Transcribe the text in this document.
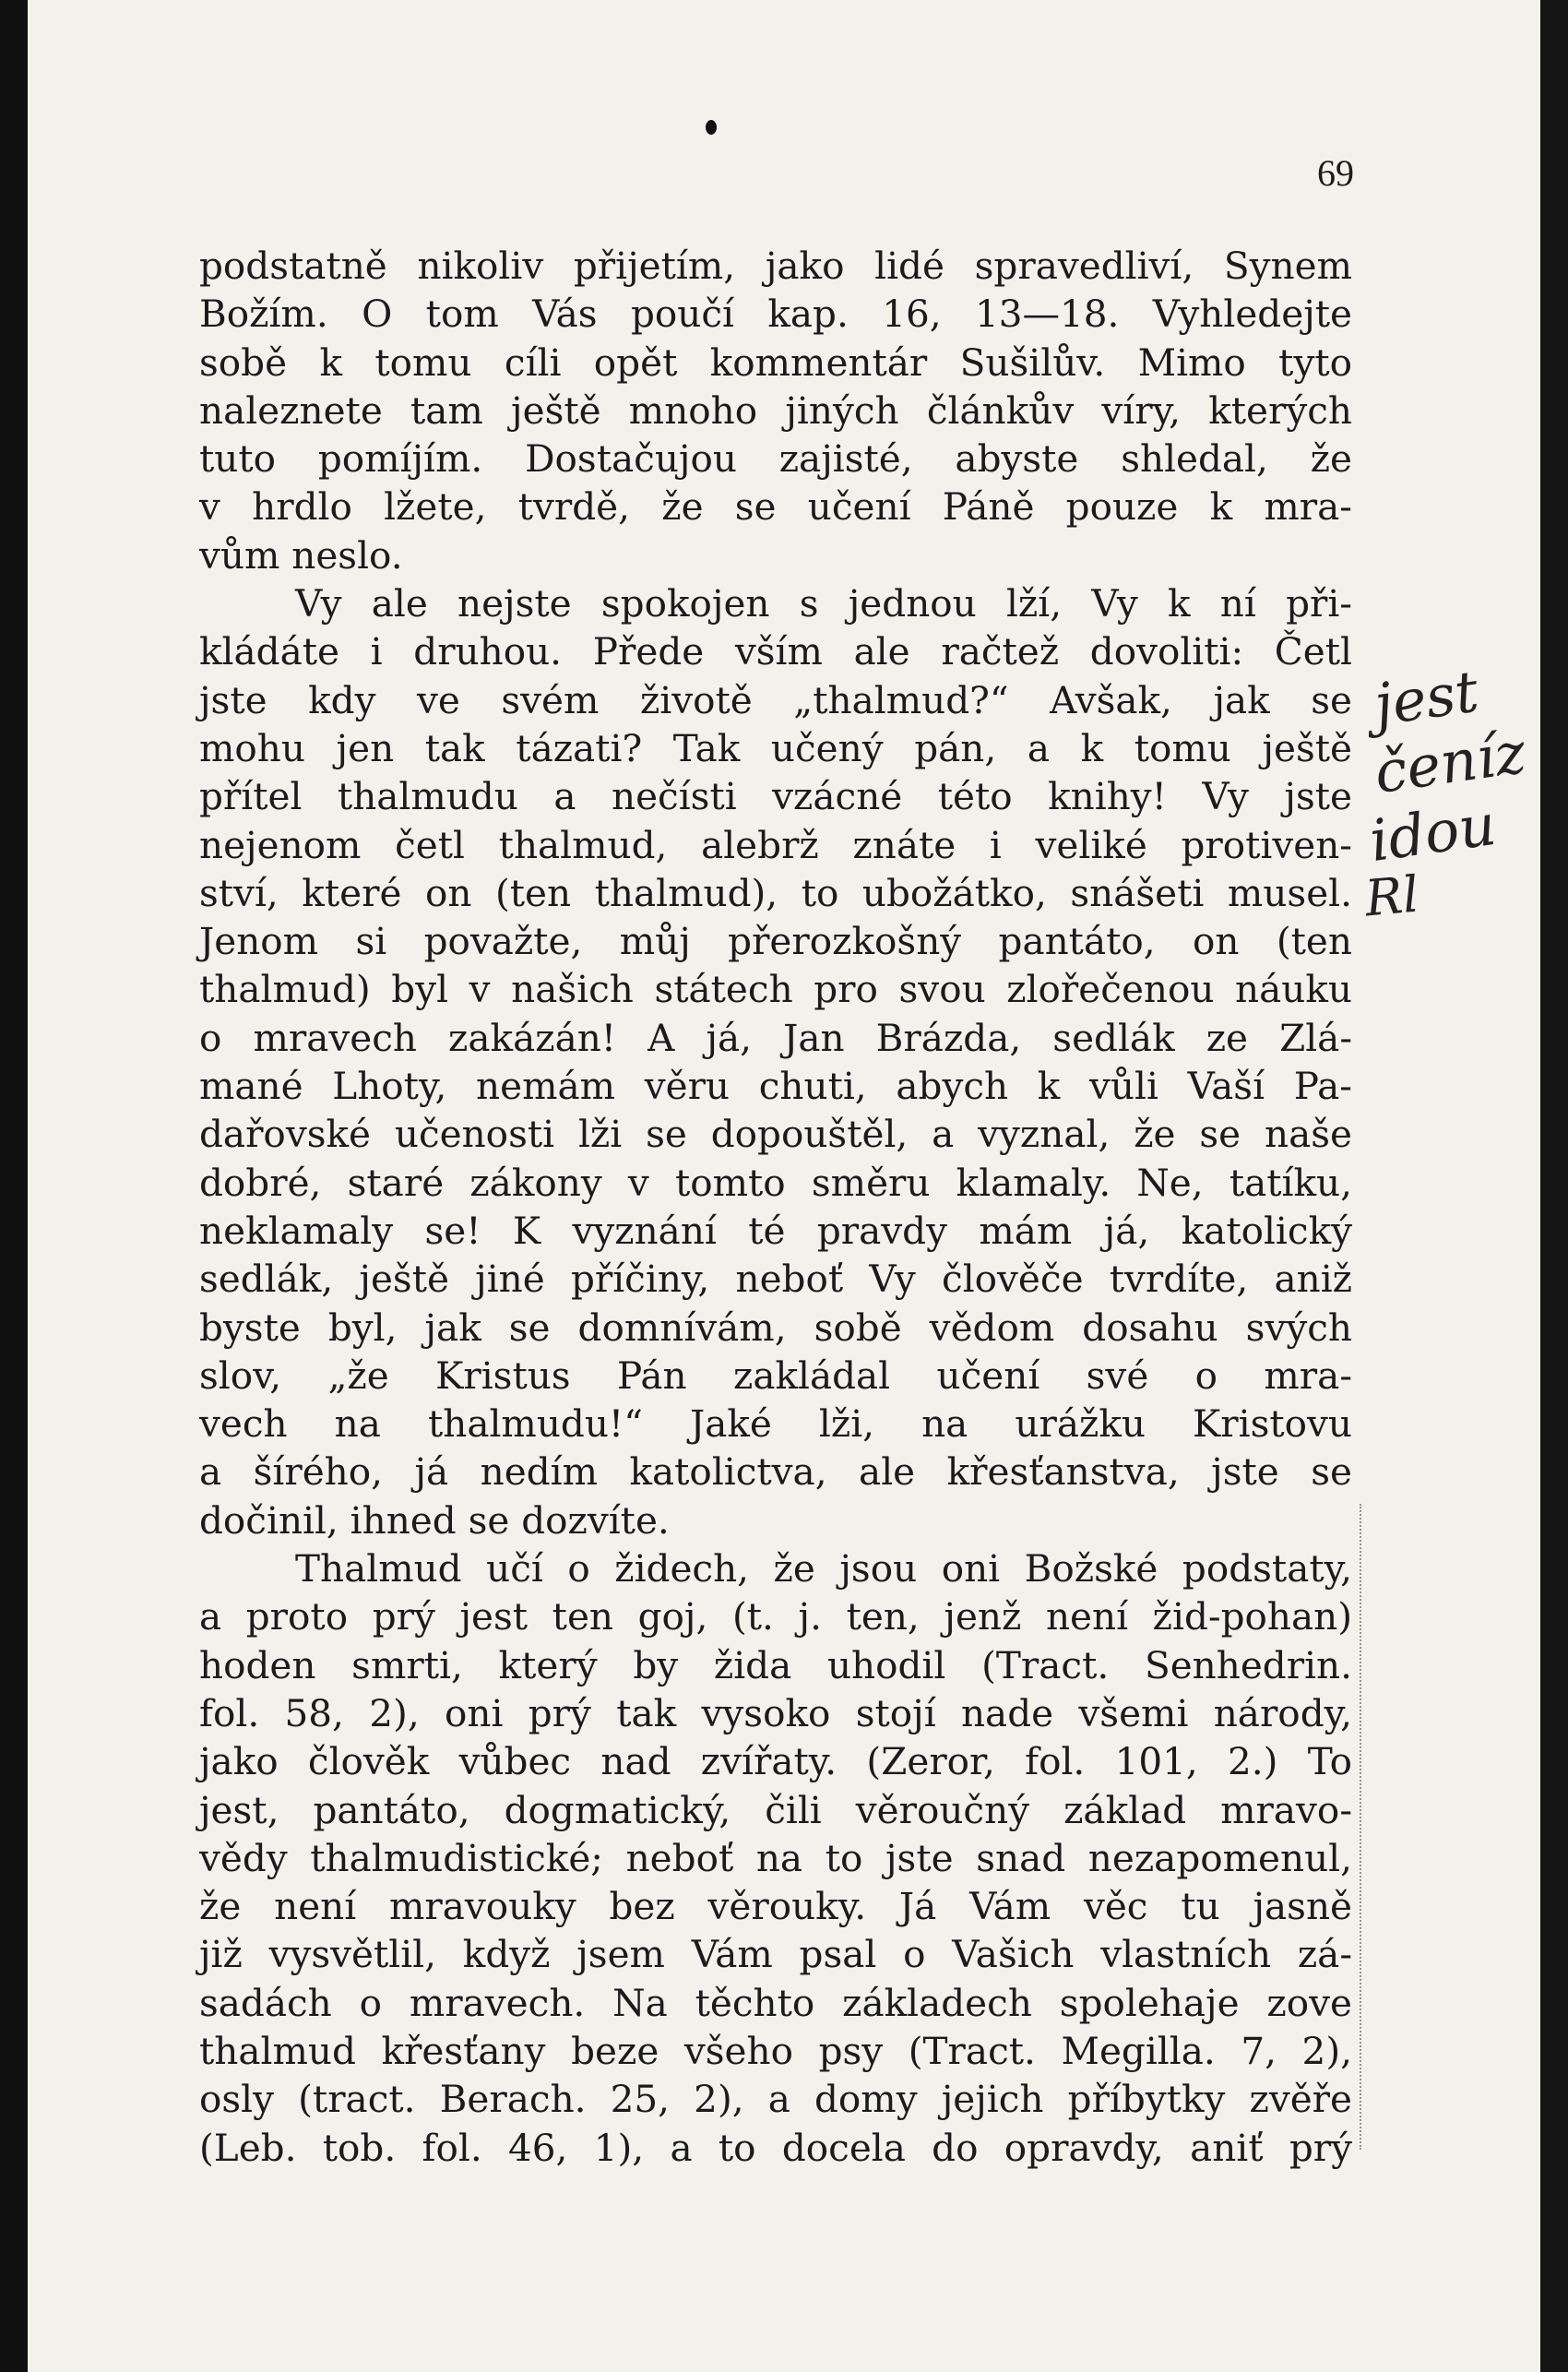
69
podstatně nikoliv přijetím, jako lidé spravedliví, Synem
Božím. O tom Vás poučí kap. 16, 13—18. Vyhledejte
sobě k tomu cíli opět kommentár Sušilův. Mimo tyto
naleznete tam ještě mnoho jiných článkův víry, kterých
tuto pomíjím. Dostačujou zajisté, abyste shledal, že
v hrdlo lžete, tvrdě, že se učení Páně pouze k mra-
vům neslo.
Vy ale nejste spokojen s jednou lží, Vy k ní při-
kládáte i druhou. Přede vším ale račtež dovoliti: Četl
jste kdy ve svém životě „thalmud?“ Avšak, jak se
mohu jen tak tázati? Tak učený pán, a k tomu ještě
přítel thalmudu a nečísti vzácné této knihy! Vy jste
nejenom četl thalmud, alebrž znáte i veliké protiven-
ství, které on (ten thalmud), to ubožátko, snášeti musel.
Jenom si považte, můj přerozkošný pantáto, on (ten
thalmud) byl v našich státech pro svou zlořečenou náuku
o mravech zakázán! A já, Jan Brázda, sedlák ze Zlá-
mané Lhoty, nemám věru chuti, abych k vůli Vaší Pa-
dařovské učenosti lži se dopouštěl, a vyznal, že se naše
dobré, staré zákony v tomto směru klamaly. Ne, tatíku,
neklamaly se! K vyznání té pravdy mám já, katolický
sedlák, ještě jiné příčiny, neboť Vy člověče tvrdíte, aniž
byste byl, jak se domnívám, sobě vědom dosahu svých
slov, „že Kristus Pán zakládal učení své o mra-
vech na thalmudu!“ Jaké lži, na urážku Kristovu
a šírého, já nedím katolictva, ale křesťanstva, jste se
dočinil, ihned se dozvíte.
Thalmud učí o židech, že jsou oni Božské podstaty,
a proto prý jest ten goj, (t. j. ten, jenž není žid-pohan)
hoden smrti, který by žida uhodil (Tract. Senhedrin.
fol. 58, 2), oni prý tak vysoko stojí nade všemi národy,
jako člověk vůbec nad zvířaty. (Zeror, fol. 101, 2.) To
jest, pantáto, dogmatický, čili věroučný základ mravo-
vědy thalmudistické; neboť na to jste snad nezapomenul,
že není mravouky bez věrouky. Já Vám věc tu jasně
již vysvětlil, když jsem Vám psal o Vašich vlastních zá-
sadách o mravech. Na těchto základech spolehaje zove
thalmud křesťany beze všeho psy (Tract. Megilla. 7, 2),
osly (tract. Berach. 25, 2), a domy jejich příbytky zvěře
(Leb. tob. fol. 46, 1), a to docela do opravdy, aniť prý
jest
čeníz
idou
Rl
